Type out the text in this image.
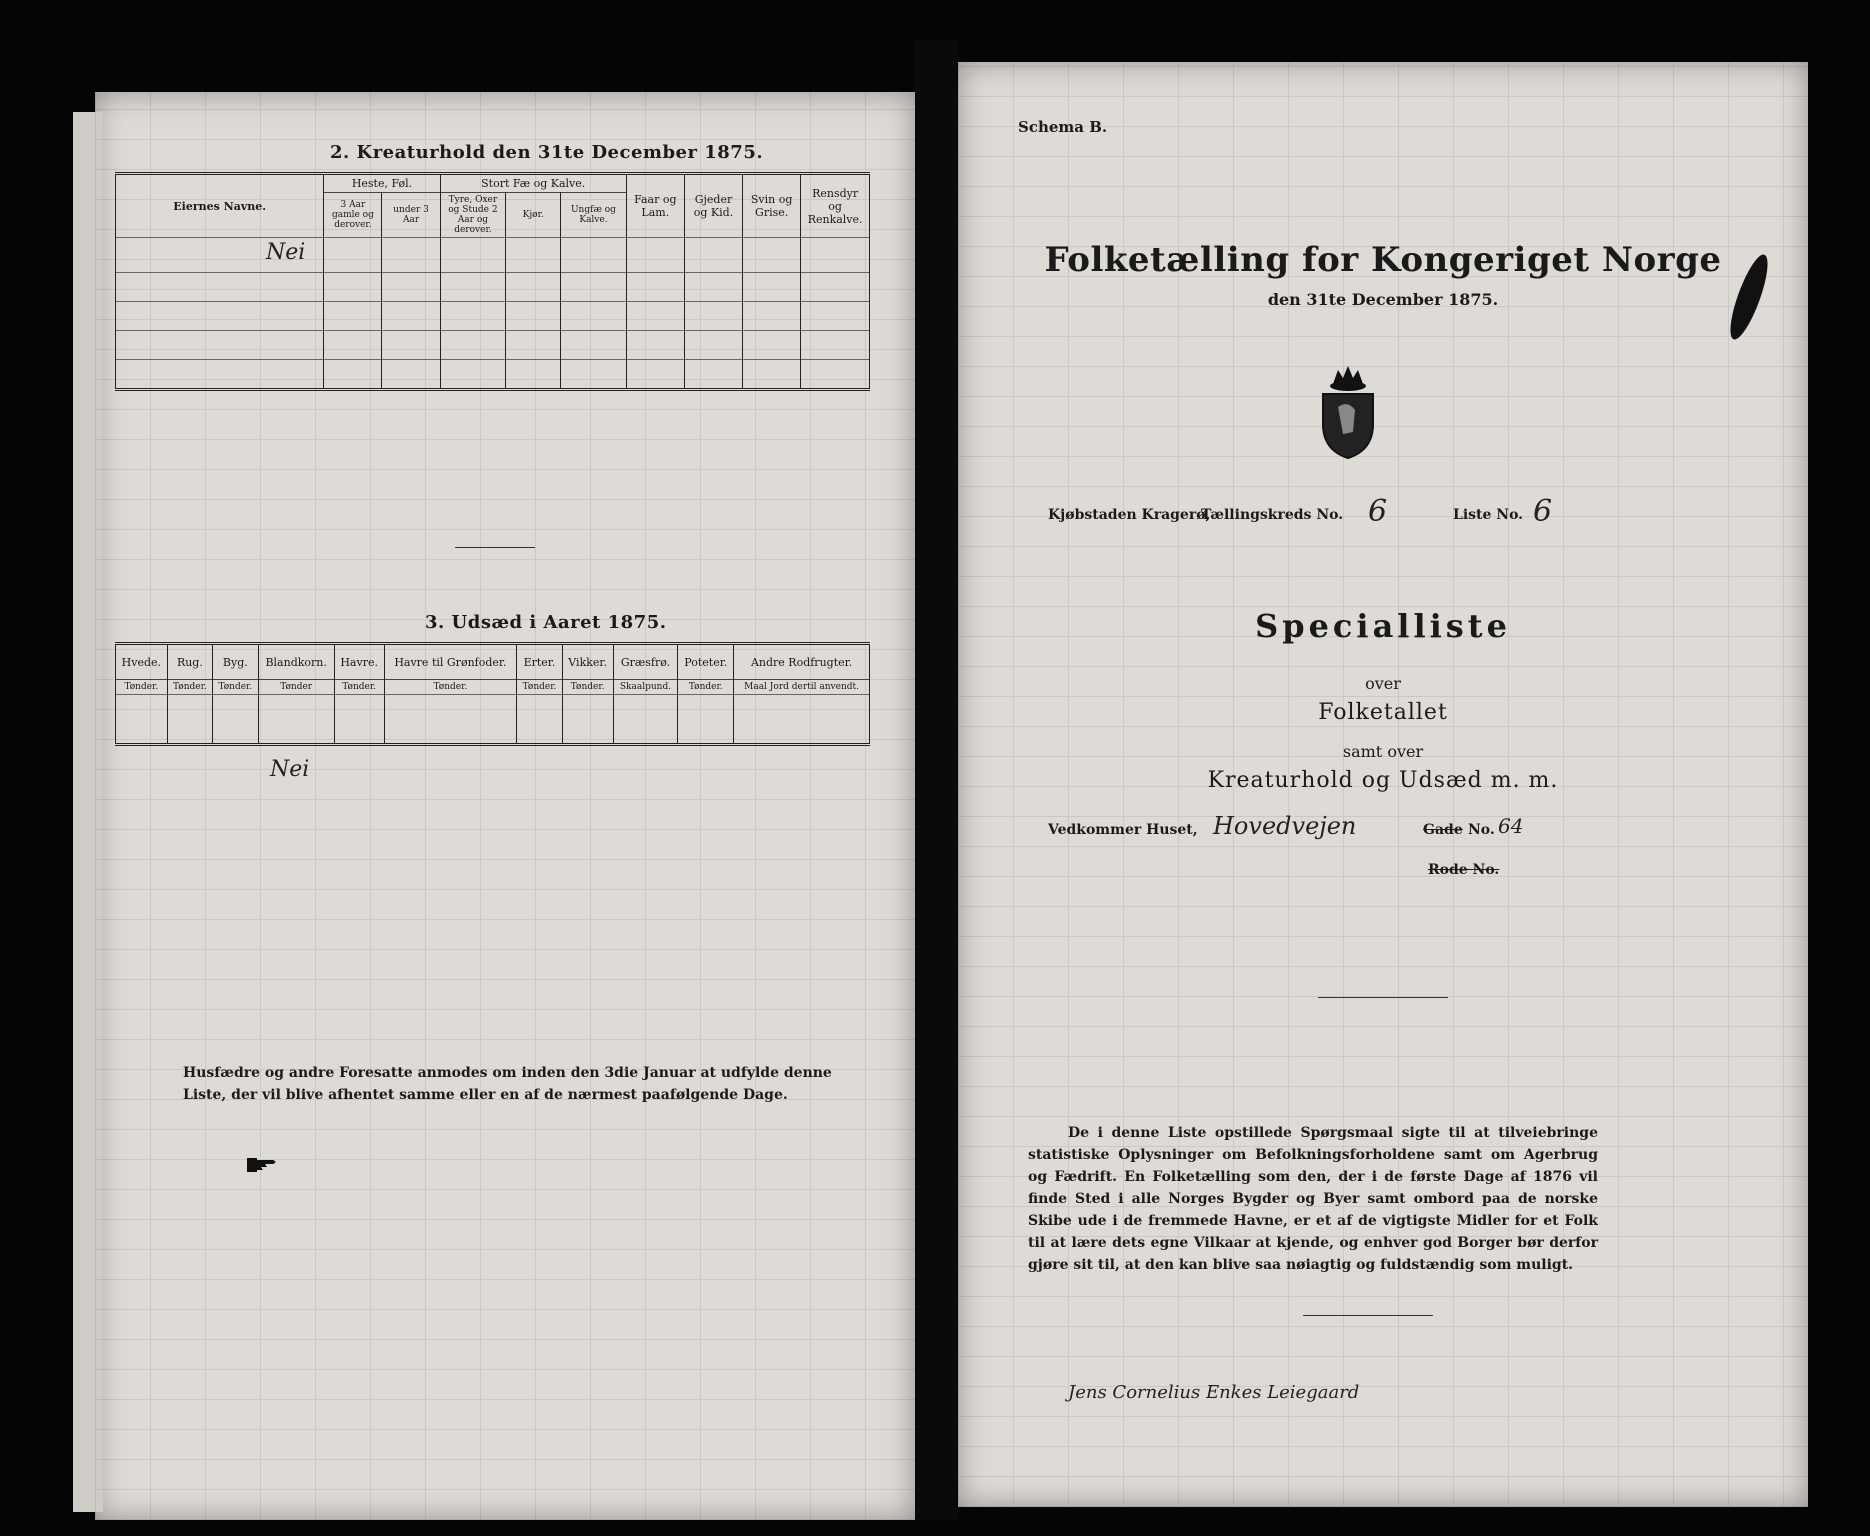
2. Kreaturhold den 31te December 1875.
Eiernes Navne.	Heste, Føl.		Stort Fæ og Kalve.			Faar og Lam.	Gjeder og Kid.	Svin og Grise.	Rensdyr og Renkalve.
	3 Aar gamle og derover.	under 3 Aar	Tyre, Oxer og Stude 2 Aar og derover.	Kjør.	Ungfæ og Kalve.				

Nei									

3. Udsæd i Aaret 1875.
Hvede.	Rug.	Byg.	Blandkorn.	Havre.	Havre til Grønfoder.	Erter.	Vikker.	Græsfrø.	Poteter.	Andre Rodfrugter.
Tønder.	Tønder.	Tønder.	Tønder	Tønder.	Tønder.	Tønder.	Tønder.	Skaalpund.	Tønder.	Maal Jord dertil anvendt.

Nei
Husfædre og andre Foresatte anmodes om inden den 3die Januar at udfylde denne Liste, der vil blive afhentet samme eller en af de nærmest paafølgende Dage.
Schema B.
Folketælling for Kongeriget Norge
den 31te December 1875.
Kjøbstaden Kragerø,
Tællingskreds No. 6	Liste No. 6
Specialliste
over
Folketallet
samt over
Kreaturhold og Udsæd m. m.
Vedkommer Huset, Hovedvejen	Gade No. 64
Rode No.
De i denne Liste opstillede Spørgsmaal sigte til at tilveiebringe statistiske Oplysninger om Befolkningsforholdene samt om Agerbrug og Fædrift. En Folketælling som den, der i de første Dage af 1876 vil finde Sted i alle Norges Bygder og Byer samt ombord paa de norske Skibe ude i de fremmede Havne, er et af de vigtigste Midler for et Folk til at lære dets egne Vilkaar at kjende, og enhver god Borger bør derfor gjøre sit til, at den kan blive saa nøiagtig og fuldstændig som muligt.
Jens Cornelius Enkes Leiegaard
